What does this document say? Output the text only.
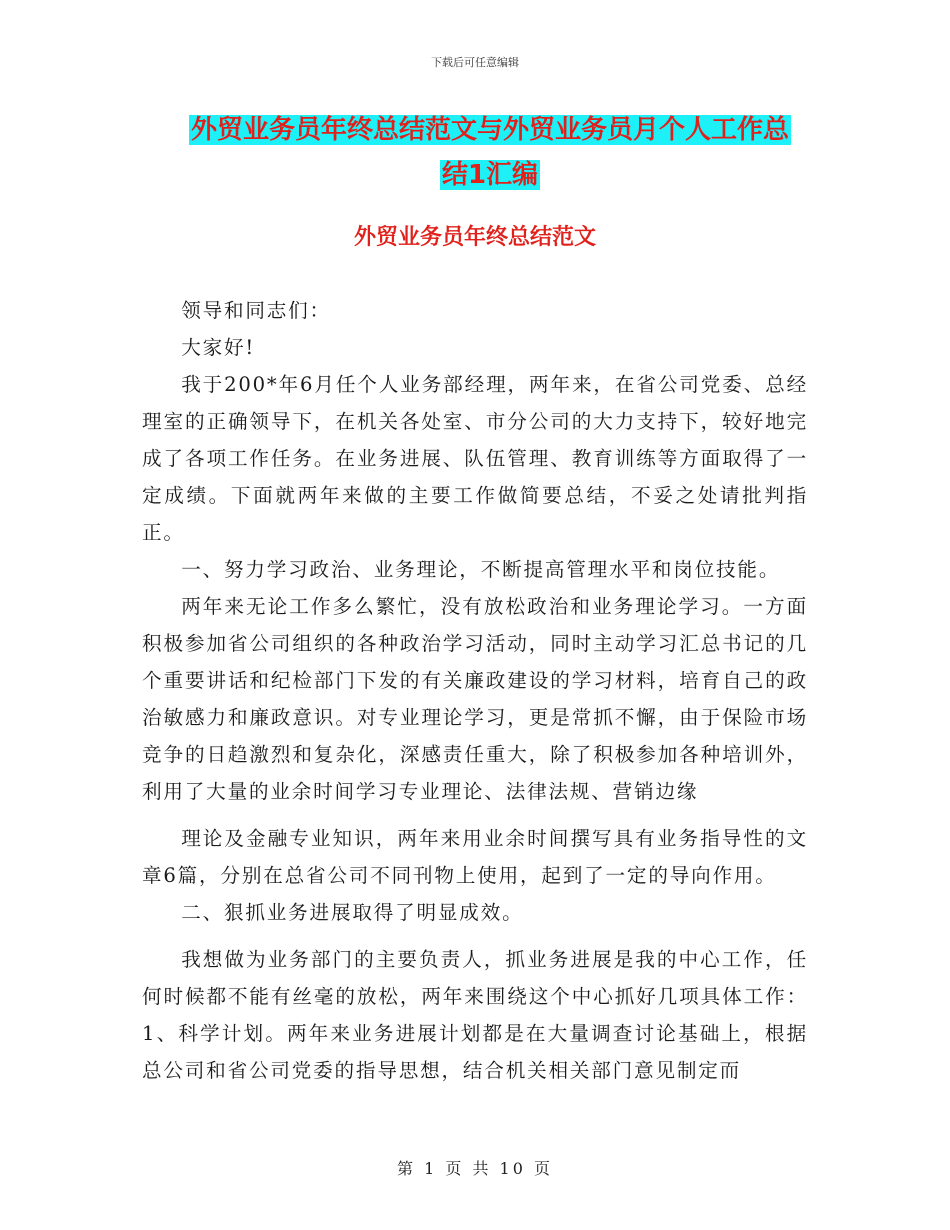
下载后可任意编辑
外贸业务员年终总结范文与外贸业务员月个人工作总
结1汇编
外贸业务员年终总结范文

领导和同志们：

大家好!

我于200*年6月任个人业务部经理，两年来，在省公司党委、总经理室的正确领导下，在机关各处室、市分公司的大力支持下，较好地完成了各项工作任务。在业务进展、队伍管理、教育训练等方面取得了一定成绩。下面就两年来做的主要工作做简要总结，不妥之处请批判指正。

一、努力学习政治、业务理论，不断提高管理水平和岗位技能。

两年来无论工作多么繁忙，没有放松政治和业务理论学习。一方面积极参加省公司组织的各种政治学习活动，同时主动学习汇总书记的几个重要讲话和纪检部门下发的有关廉政建设的学习材料，培育自己的政治敏感力和廉政意识。对专业理论学习，更是常抓不懈，由于保险市场竞争的日趋激烈和复杂化，深感责任重大，除了积极参加各种培训外，利用了大量的业余时间学习专业理论、法律法规、营销边缘

理论及金融专业知识，两年来用业余时间撰写具有业务指导性的文章6篇，分别在总省公司不同刊物上使用，起到了一定的导向作用。

二、狠抓业务进展取得了明显成效。

我想做为业务部门的主要负责人，抓业务进展是我的中心工作，任何时候都不能有丝毫的放松，两年来围绕这个中心抓好几项具体工作：1、科学计划。两年来业务进展计划都是在大量调查讨论基础上，根据总公司和省公司党委的指导思想，结合机关相关部门意见制定而

第 1 页 共 10 页
